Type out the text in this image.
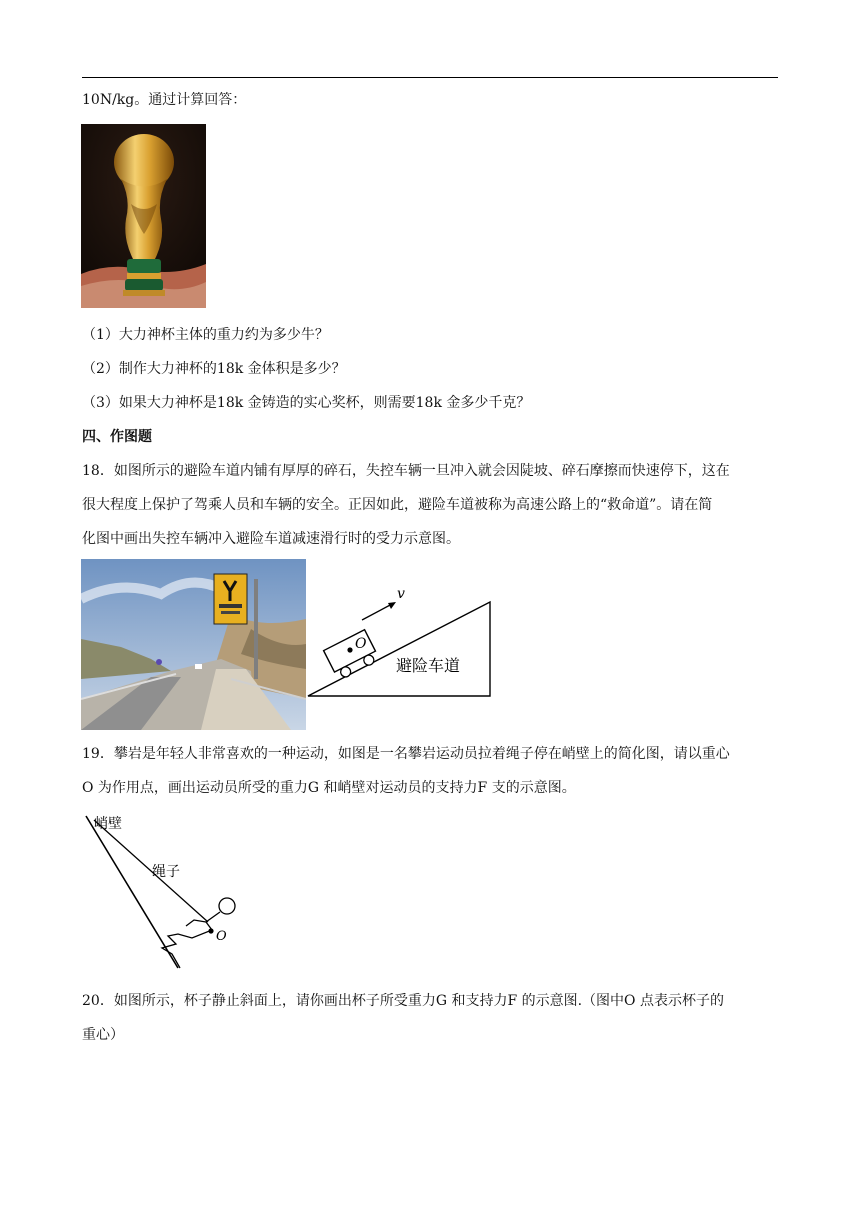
10N/kg。通过计算回答：
（1）大力神杯主体的重力约为多少牛？
（2）制作大力神杯的18k 金体积是多少？
（3）如果大力神杯是18k 金铸造的实心奖杯，则需要18k 金多少千克？
四、作图题
18．如图所示的避险车道内铺有厚厚的碎石，失控车辆一旦冲入就会因陡坡、碎石摩擦而快速停下，这在
很大程度上保护了驾乘人员和车辆的安全。正因如此，避险车道被称为高速公路上的“救命道”。请在简
化图中画出失控车辆冲入避险车道减速滑行时的受力示意图。
O
v
避险车道
19．攀岩是年轻人非常喜欢的一种运动，如图是一名攀岩运动员拉着绳子停在峭壁上的简化图，请以重心
O 为作用点，画出运动员所受的重力G 和峭壁对运动员的支持力F 支的示意图。
峭壁
绳子
O
20．如图所示，杯子静止斜面上，请你画出杯子所受重力G 和支持力F 的示意图.（图中O 点表示杯子的
重心）
